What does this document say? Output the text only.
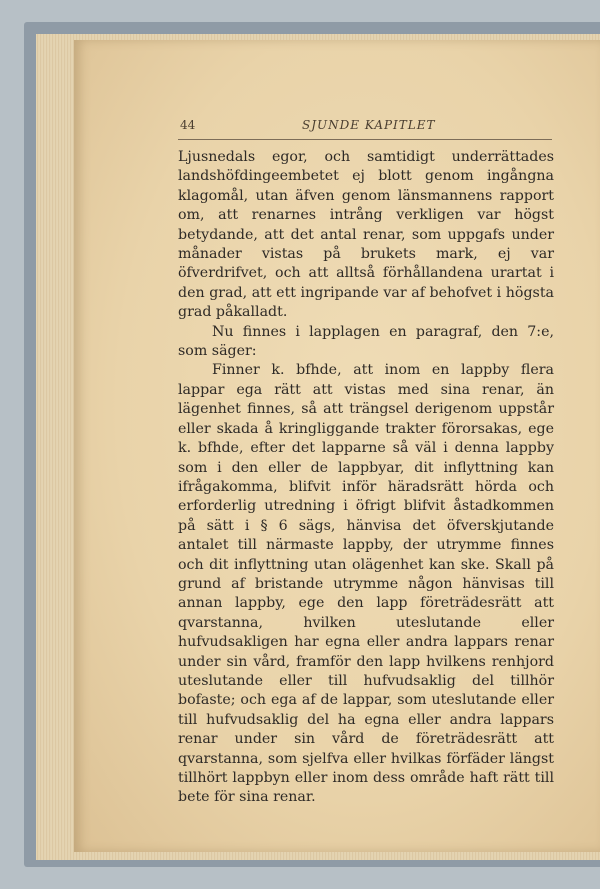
44	SJUNDE KAPITLET

Ljusnedals egor, och samtidigt underrättades landshöfdingeembetet ej blott genom ingångna klagomål, utan äfven genom länsmannens rapport om, att renarnes intrång verkligen var högst betydande, att det antal renar, som uppgafs under månader vistas på brukets mark, ej var öfverdrifvet, och att alltså förhållandena urartat i den grad, att ett ingripande var af behofvet i högsta grad påkalladt.

Nu finnes i lapplagen en paragraf, den 7:e, som säger:

Finner k. bfhde, att inom en lappby flera lappar ega rätt att vistas med sina renar, än lägenhet finnes, så att trängsel derigenom uppstår eller skada å kringliggande trakter förorsakas, ege k. bfhde, efter det lapparne så väl i denna lappby som i den eller de lappbyar, dit inflyttning kan ifrågakomma, blifvit inför häradsrätt hörda och erforderlig utredning i öfrigt blifvit åstadkommen på sätt i § 6 sägs, hänvisa det öfverskjutande antalet till närmaste lappby, der utrymme finnes och dit inflyttning utan olägenhet kan ske. Skall på grund af bristande utrymme någon hänvisas till annan lappby, ege den lapp företrädesrätt att qvarstanna, hvilken uteslutande eller hufvudsakligen har egna eller andra lappars renar under sin vård, framför den lapp hvilkens renhjord uteslutande eller till hufvudsaklig del tillhör bofaste; och ega af de lappar, som uteslutande eller till hufvudsaklig del ha egna eller andra lappars renar under sin vård de företrädesrätt att qvarstanna, som sjelfva eller hvilkas förfäder längst tillhört lappbyn eller inom dess område haft rätt till bete för sina renar.
